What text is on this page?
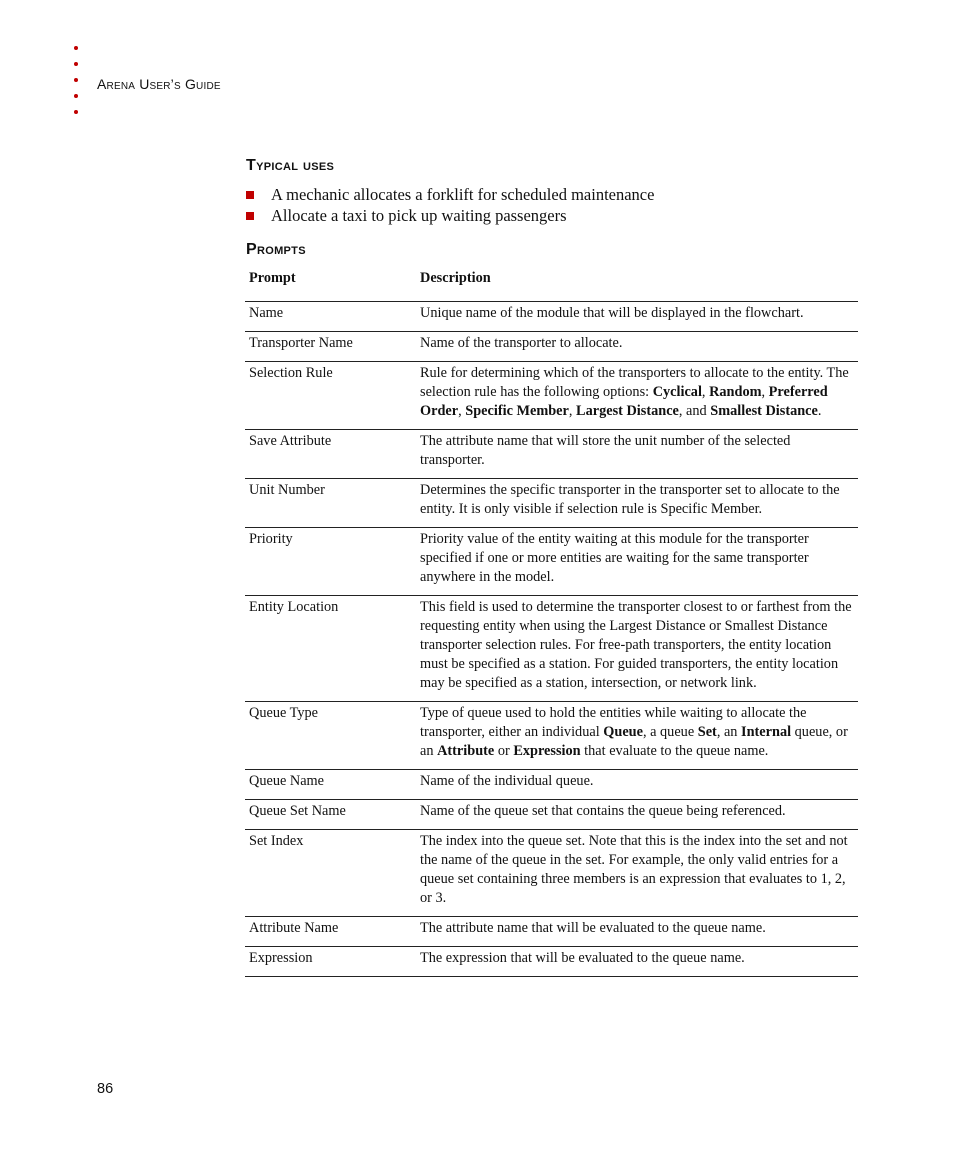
Arena User’s Guide
Typical uses
A mechanic allocates a forklift for scheduled maintenance
Allocate a taxi to pick up waiting passengers
Prompts
Prompt	Description
Name	Unique name of the module that will be displayed in the flowchart.
Transporter Name	Name of the transporter to allocate.
Selection Rule	Rule for determining which of the transporters to allocate to the entity. The selection rule has the following options: Cyclical, Random, Preferred Order, Specific Member, Largest Distance, and Smallest Distance.
Save Attribute	The attribute name that will store the unit number of the selected transporter.
Unit Number	Determines the specific transporter in the transporter set to allocate to the entity. It is only visible if selection rule is Specific Member.
Priority	Priority value of the entity waiting at this module for the transporter specified if one or more entities are waiting for the same transporter anywhere in the model.
Entity Location	This field is used to determine the transporter closest to or farthest from the requesting entity when using the Largest Distance or Smallest Distance transporter selection rules. For free-path transporters, the entity location must be specified as a station. For guided transporters, the entity location may be specified as a station, intersection, or network link.
Queue Type	Type of queue used to hold the entities while waiting to allocate the transporter, either an individual Queue, a queue Set, an Internal queue, or an Attribute or Expression that evaluate to the queue name.
Queue Name	Name of the individual queue.
Queue Set Name	Name of the queue set that contains the queue being referenced.
Set Index	The index into the queue set. Note that this is the index into the set and not the name of the queue in the set. For example, the only valid entries for a queue set containing three members is an expression that evaluates to 1, 2, or 3.
Attribute Name	The attribute name that will be evaluated to the queue name.
Expression	The expression that will be evaluated to the queue name.
86
